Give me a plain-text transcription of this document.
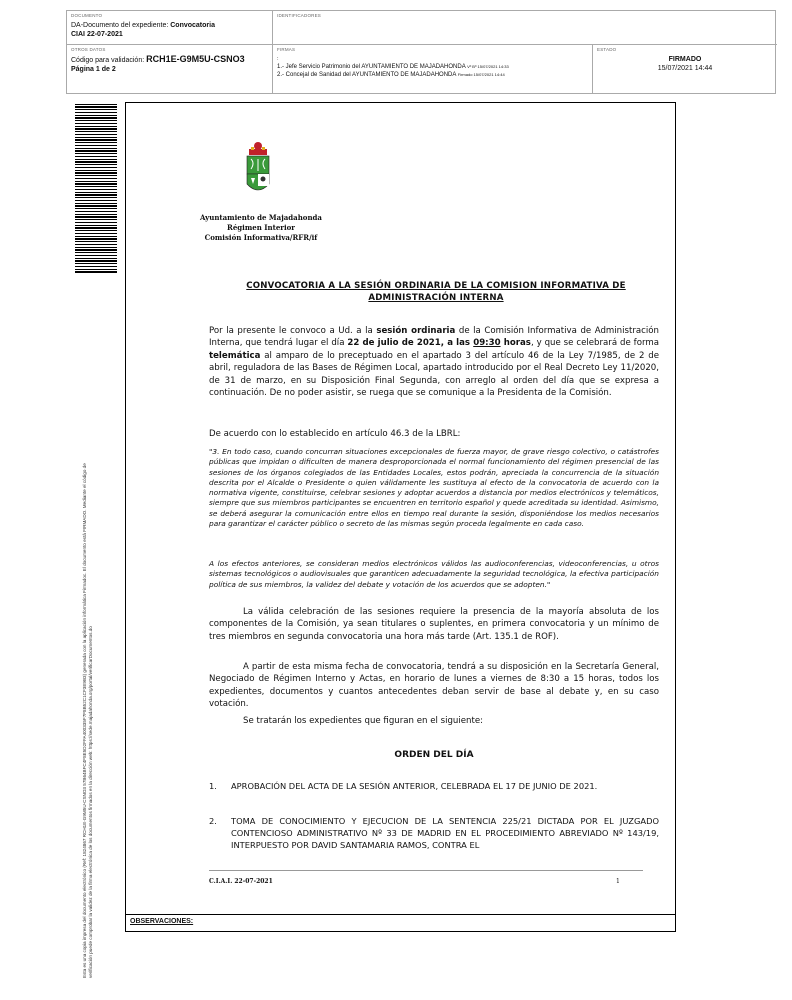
DOCUMENTO
DA-Documento del expediente: Convocatoria
CIAI 22-07-2021
IDENTIFICADORES
OTROS DATOS
Código para validación: RCH1E-G9M5U-CSNO3
Página 1 de 2
FIRMAS
:
1.- Jefe Servicio Patrimonio del AYUNTAMIENTO DE MAJADAHONDA Vº Bº 15/07/2021 14:33
2.- Concejal de Sanidad del AYUNTAMIENTO DE MAJADAHONDA Firmado 15/07/2021 14:44
ESTADO
FIRMADO
15/07/2021 14:44
Esta es una copia impresa del documento electrónico (Ref: 1824867 RCH1E-G9M5U-CSNO3 57B64BFC4F8E5D2FFA400335F7F8B52C1CF3E9B3) generada con la aplicación informática Firmadoc. El documento está FIRMADO. Mediante el código de verificación puede comprobar la validez de la firma electrónica de los documentos firmados en la dirección web: https://sede.majadahonda.org/portal/verificarDocumentos.do
Ayuntamiento de Majadahonda
Régimen Interior
Comisión Informativa/RFR/if
CONVOCATORIA A LA SESIÓN ORDINARIA DE LA COMISION INFORMATIVA DE ADMINISTRACIÓN INTERNA
Por la presente le convoco a Ud. a la sesión ordinaria de la Comisión Informativa de Administración Interna, que tendrá lugar el día 22 de julio de 2021, a las 09:30 horas, y que se celebrará de forma telemática al amparo de lo preceptuado en el apartado 3 del artículo 46 de la Ley 7/1985, de 2 de abril, reguladora de las Bases de Régimen Local, apartado introducido por el Real Decreto Ley 11/2020, de 31 de marzo, en su Disposición Final Segunda, con arreglo al orden del día que se expresa a continuación. De no poder asistir, se ruega que se comunique a la Presidenta de la Comisión.
De acuerdo con lo establecido en artículo 46.3 de la LBRL:
"3. En todo caso, cuando concurran situaciones excepcionales de fuerza mayor, de grave riesgo colectivo, o catástrofes públicas que impidan o dificulten de manera desproporcionada el normal funcionamiento del régimen presencial de las sesiones de los órganos colegiados de las Entidades Locales, estos podrán, apreciada la concurrencia de la situación descrita por el Alcalde o Presidente o quien válidamente les sustituya al efecto de la convocatoria de acuerdo con la normativa vigente, constituirse, celebrar sesiones y adoptar acuerdos a distancia por medios electrónicos y telemáticos, siempre que sus miembros participantes se encuentren en territorio español y quede acreditada su identidad. Asimismo, se deberá asegurar la comunicación entre ellos en tiempo real durante la sesión, disponiéndose los medios necesarios para garantizar el carácter público o secreto de las mismas según proceda legalmente en cada caso.
A los efectos anteriores, se consideran medios electrónicos válidos las audioconferencias, videoconferencias, u otros sistemas tecnológicos o audiovisuales que garanticen adecuadamente la seguridad tecnológica, la efectiva participación política de sus miembros, la validez del debate y votación de los acuerdos que se adopten."
La válida celebración de las sesiones requiere la presencia de la mayoría absoluta de los componentes de la Comisión, ya sean titulares o suplentes, en primera convocatoria y un mínimo de tres miembros en segunda convocatoria una hora más tarde (Art. 135.1 de ROF).
A partir de esta misma fecha de convocatoria, tendrá a su disposición en la Secretaría General, Negociado de Régimen Interno y Actas, en horario de lunes a viernes de 8:30 a 15 horas, todos los expedientes, documentos y cuantos antecedentes deban servir de base al debate y, en su caso votación.
Se tratarán los expedientes que figuran en el siguiente:
ORDEN DEL DÍA
1. APROBACIÓN DEL ACTA DE LA SESIÓN ANTERIOR, CELEBRADA EL 17 DE JUNIO DE 2021.
2. TOMA DE CONOCIMIENTO Y EJECUCION DE LA SENTENCIA 225/21 DICTADA POR EL JUZGADO CONTENCIOSO ADMINISTRATIVO Nº 33 DE MADRID EN EL PROCEDIMIENTO ABREVIADO Nº 143/19, INTERPUESTO POR DAVID SANTAMARIA RAMOS, CONTRA EL
C.I.A.I. 22-07-2021	1
OBSERVACIONES:
